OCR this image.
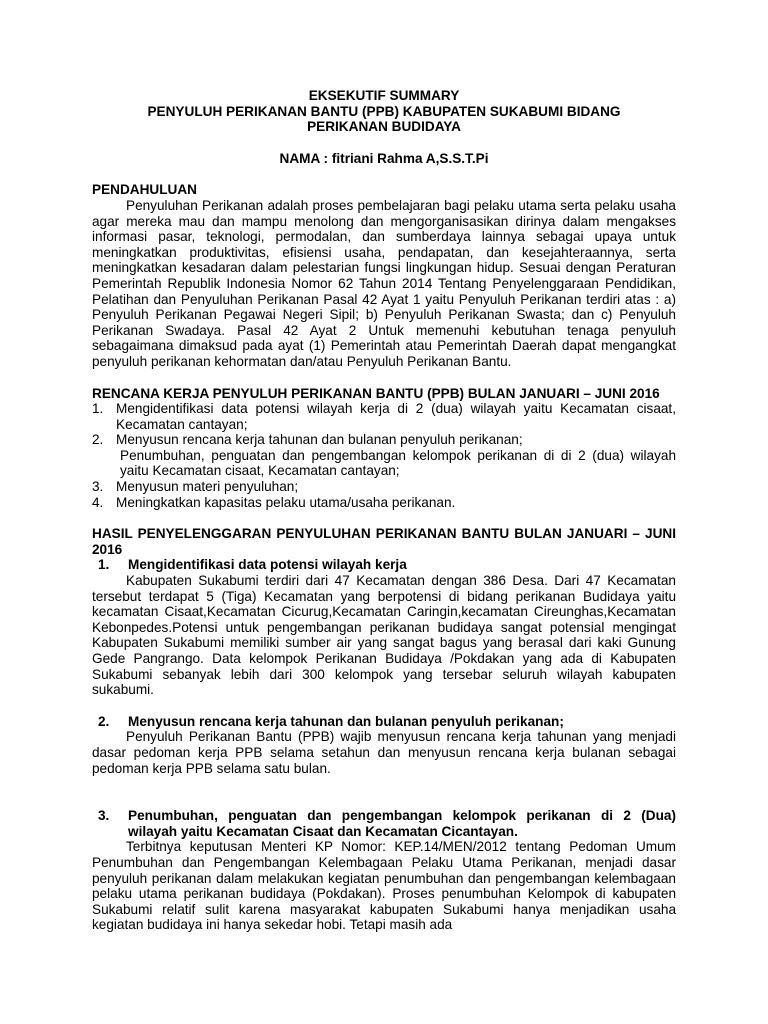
EKSEKUTIF SUMMARY

PENYULUH PERIKANAN BANTU (PPB) KABUPATEN SUKABUMI BIDANG

PERIKANAN BUDIDAYA

NAMA : fitriani Rahma A,S.S.T.Pi

PENDAHULUAN

Penyuluhan Perikanan adalah proses pembelajaran bagi pelaku utama serta pelaku usaha agar mereka mau dan mampu menolong dan mengorganisasikan dirinya dalam mengakses informasi pasar, teknologi, permodalan, dan sumberdaya lainnya sebagai upaya untuk meningkatkan produktivitas, efisiensi usaha, pendapatan, dan kesejahteraannya, serta meningkatkan kesadaran dalam pelestarian fungsi lingkungan hidup. Sesuai dengan Peraturan Pemerintah Republik Indonesia Nomor 62 Tahun 2014 Tentang Penyelenggaraan Pendidikan, Pelatihan dan Penyuluhan Perikanan Pasal 42 Ayat 1 yaitu Penyuluh Perikanan terdiri atas : a) Penyuluh Perikanan Pegawai Negeri Sipil; b) Penyuluh Perikanan Swasta; dan c) Penyuluh Perikanan Swadaya. Pasal 42 Ayat 2 Untuk memenuhi kebutuhan tenaga penyuluh sebagaimana dimaksud pada ayat (1) Pemerintah atau Pemerintah Daerah dapat mengangkat penyuluh perikanan kehormatan dan/atau Penyuluh Perikanan Bantu.

RENCANA KERJA PENYULUH PERIKANAN BANTU (PPB) BULAN JANUARI – JUNI 2016

1. Mengidentifikasi data potensi wilayah kerja di 2 (dua) wilayah yaitu Kecamatan cisaat, Kecamatan cantayan;
2. Menyusun rencana kerja tahunan dan bulanan penyuluh perikanan;
Penumbuhan, penguatan dan pengembangan kelompok perikanan di di 2 (dua) wilayah yaitu Kecamatan cisaat, Kecamatan cantayan;
3. Menyusun materi penyuluhan;
4. Meningkatkan kapasitas pelaku utama/usaha perikanan.

HASIL PENYELENGGARAN PENYULUHAN PERIKANAN BANTU BULAN JANUARI – JUNI 2016

1.	Mengidentifikasi data potensi wilayah kerja

Kabupaten Sukabumi terdiri dari 47 Kecamatan dengan 386 Desa. Dari 47 Kecamatan tersebut terdapat 5 (Tiga) Kecamatan yang berpotensi di bidang perikanan Budidaya yaitu kecamatan Cisaat,Kecamatan Cicurug,Kecamatan Caringin,kecamatan Cireunghas,Kecamatan Kebonpedes.Potensi untuk pengembangan perikanan budidaya sangat potensial mengingat Kabupaten Sukabumi memiliki sumber air yang sangat bagus yang berasal dari kaki Gunung Gede Pangrango. Data kelompok Perikanan Budidaya /Pokdakan yang ada di Kabupaten Sukabumi sebanyak lebih dari 300 kelompok yang tersebar seluruh wilayah kabupaten sukabumi.

2.	Menyusun rencana kerja tahunan dan bulanan penyuluh perikanan;

Penyuluh Perikanan Bantu (PPB) wajib menyusun rencana kerja tahunan yang menjadi dasar pedoman kerja PPB selama setahun dan menyusun rencana kerja bulanan sebagai pedoman kerja PPB selama satu bulan.

3.	Penumbuhan, penguatan dan pengembangan kelompok perikanan di 2 (Dua) wilayah yaitu Kecamatan Cisaat dan Kecamatan Cicantayan.

Terbitnya keputusan Menteri KP Nomor: KEP.14/MEN/2012 tentang Pedoman Umum Penumbuhan dan Pengembangan Kelembagaan Pelaku Utama Perikanan, menjadi dasar penyuluh perikanan dalam melakukan kegiatan penumbuhan dan pengembangan kelembagaan pelaku utama perikanan budidaya (Pokdakan). Proses penumbuhan Kelompok di kabupaten Sukabumi relatif sulit karena masyarakat kabupaten Sukabumi hanya menjadikan usaha kegiatan budidaya ini hanya sekedar hobi. Tetapi masih ada
